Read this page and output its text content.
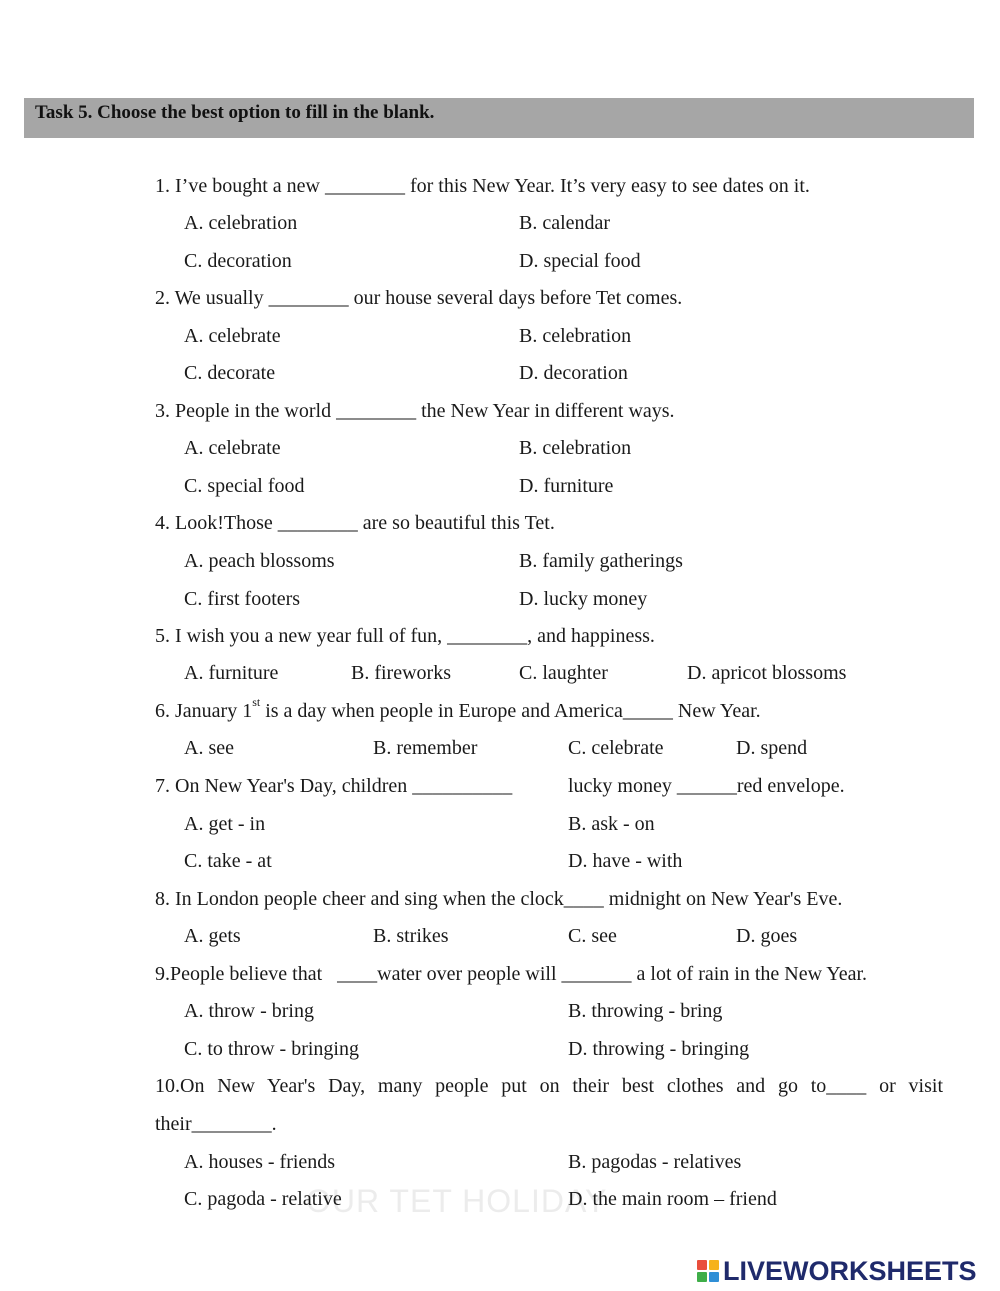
Task 5. Choose the best option to fill in the blank.
1. I’ve bought a new ________ for this New Year. It’s very easy to see dates on it.
A. celebration	B. calendar
C. decoration	D. special food
2. We usually ________ our house several days before Tet comes.
A. celebrate	B. celebration
C. decorate	D. decoration
3. People in the world ________ the New Year in different ways.
A. celebrate	B. celebration
C. special food	D. furniture
4. Look!Those ________ are so beautiful this Tet.
A. peach blossoms	B. family gatherings
C. first footers	D. lucky money
5. I wish you a new year full of fun, ________, and happiness.
A. furniture	B. fireworks	C. laughter	D. apricot blossoms
6. January 1st is a day when people in Europe and America_____ New Year.
A. see	B. remember	C. celebrate	D. spend
7. On New Year's Day, children __________	lucky money ______red envelope.
A. get - in	B. ask - on
C. take - at	D. have - with
8. In London people cheer and sing when the clock____ midnight on New Year's Eve.
A. gets	B. strikes	C. see	D. goes
9.People believe that   ____water over people will _______ a lot of rain in the New Year.
A. throw - bring	B. throwing - bring
C. to throw - bringing	D. throwing - bringing
10.On New Year's Day, many people put on their best clothes and go to____ or visit
their________.
A. houses - friends	B. pagodas - relatives
OUR TET HOLIDAY
C. pagoda - relative	D. the main room – friend
LIVEWORKSHEETS
